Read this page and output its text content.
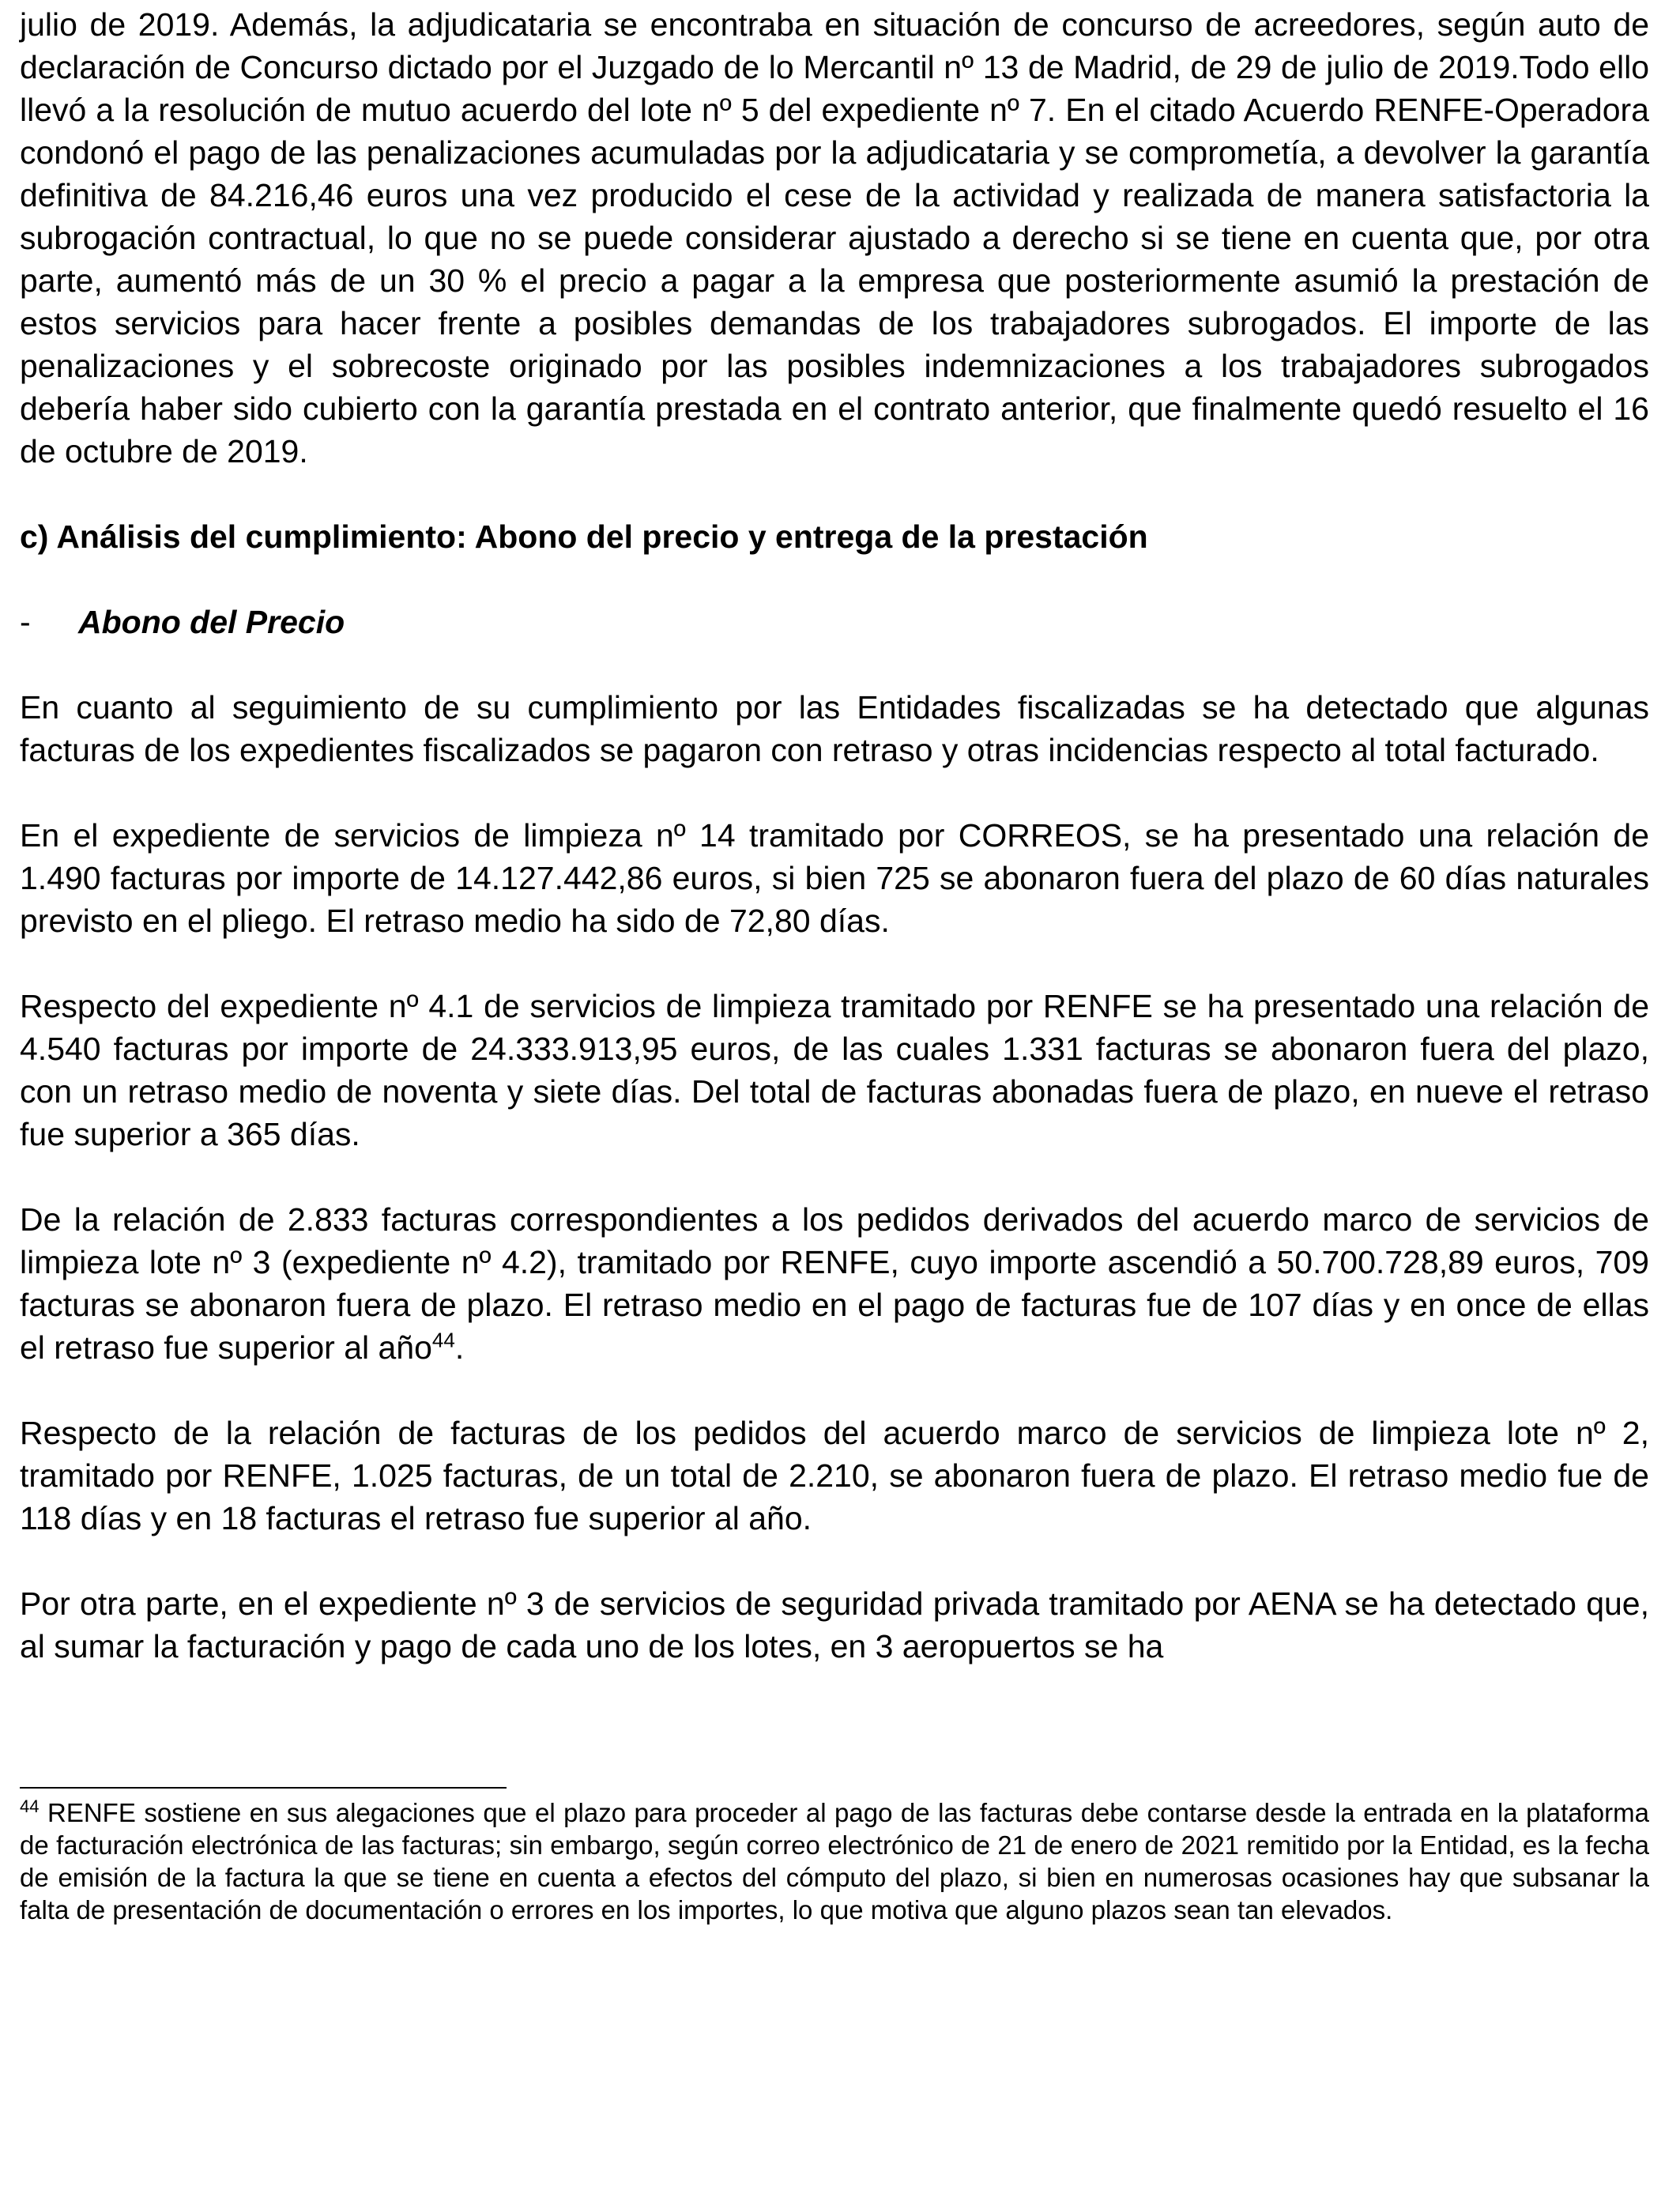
julio de 2019. Además, la adjudicataria se encontraba en situación de concurso de acreedores, según auto de declaración de Concurso dictado por el Juzgado de lo Mercantil nº 13 de Madrid, de 29 de julio de 2019.Todo ello llevó a la resolución de mutuo acuerdo del lote nº 5 del expediente nº 7. En el citado Acuerdo RENFE-Operadora condonó el pago de las penalizaciones acumuladas por la adjudicataria y se comprometía, a devolver la garantía definitiva de 84.216,46 euros una vez producido el cese de la actividad y realizada de manera satisfactoria la subrogación contractual, lo que no se puede considerar ajustado a derecho si se tiene en cuenta que, por otra parte, aumentó más de un 30 % el precio a pagar a la empresa que posteriormente asumió la prestación de estos servicios para hacer frente a posibles demandas de los trabajadores subrogados. El importe de las penalizaciones y el sobrecoste originado por las posibles indemnizaciones a los trabajadores subrogados debería haber sido cubierto con la garantía prestada en el contrato anterior, que finalmente quedó resuelto el 16 de octubre de 2019.

c) Análisis del cumplimiento: Abono del precio y entrega de la prestación

- Abono del Precio

En cuanto al seguimiento de su cumplimiento por las Entidades fiscalizadas se ha detectado que algunas facturas de los expedientes fiscalizados se pagaron con retraso y otras incidencias respecto al total facturado.

En el expediente de servicios de limpieza nº 14 tramitado por CORREOS, se ha presentado una relación de 1.490 facturas por importe de 14.127.442,86 euros, si bien 725 se abonaron fuera del plazo de 60 días naturales previsto en el pliego. El retraso medio ha sido de 72,80 días.

Respecto del expediente nº 4.1 de servicios de limpieza tramitado por RENFE se ha presentado una relación de 4.540 facturas por importe de 24.333.913,95 euros, de las cuales 1.331 facturas se abonaron fuera del plazo, con un retraso medio de noventa y siete días. Del total de facturas abonadas fuera de plazo, en nueve el retraso fue superior a 365 días.

De la relación de 2.833 facturas correspondientes a los pedidos derivados del acuerdo marco de servicios de limpieza lote nº 3 (expediente nº 4.2), tramitado por RENFE, cuyo importe ascendió a 50.700.728,89 euros, 709 facturas se abonaron fuera de plazo. El retraso medio en el pago de facturas fue de 107 días y en once de ellas el retraso fue superior al año$^{44}$.

Respecto de la relación de facturas de los pedidos del acuerdo marco de servicios de limpieza lote nº 2, tramitado por RENFE, 1.025 facturas, de un total de 2.210, se abonaron fuera de plazo. El retraso medio fue de 118 días y en 18 facturas el retraso fue superior al año.

Por otra parte, en el expediente nº 3 de servicios de seguridad privada tramitado por AENA se ha detectado que, al sumar la facturación y pago de cada uno de los lotes, en 3 aeropuertos se ha

$^{44}$ RENFE sostiene en sus alegaciones que el plazo para proceder al pago de las facturas debe contarse desde la entrada en la plataforma de facturación electrónica de las facturas; sin embargo, según correo electrónico de 21 de enero de 2021 remitido por la Entidad, es la fecha de emisión de la factura la que se tiene en cuenta a efectos del cómputo del plazo, si bien en numerosas ocasiones hay que subsanar la falta de presentación de documentación o errores en los importes, lo que motiva que alguno plazos sean tan elevados.
